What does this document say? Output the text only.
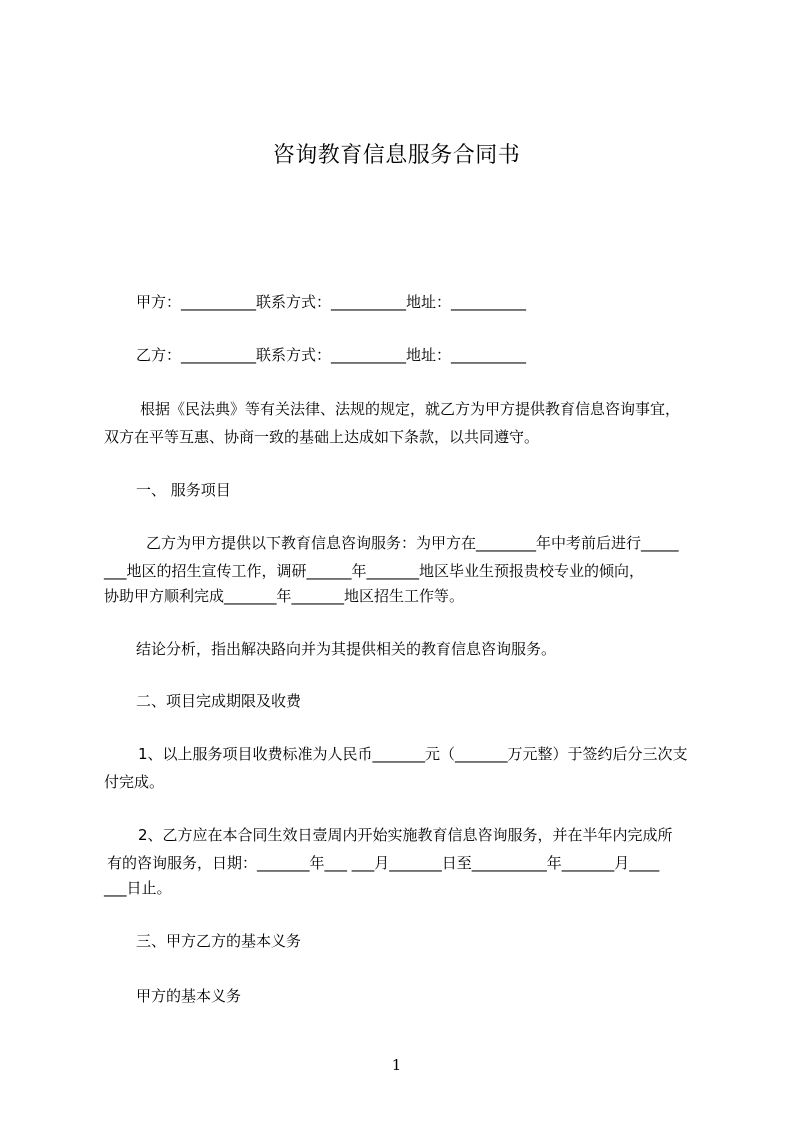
咨询教育信息服务合同书
甲方：__________联系方式：__________地址：__________
乙方：__________联系方式：__________地址：__________
根据《民法典》等有关法律、法规的规定，就乙方为甲方提供教育信息咨询事宜，
双方在平等互惠、协商一致的基础上达成如下条款，以共同遵守。
一、 服务项目
乙方为甲方提供以下教育信息咨询服务：为甲方在________年中考前后进行_____
___地区的招生宣传工作，调研______年_______地区毕业生预报贵校专业的倾向，
协助甲方顺利完成_______年_______地区招生工作等。
结论分析，指出解决路向并为其提供相关的教育信息咨询服务。
二、项目完成期限及收费
1、以上服务项目收费标准为人民币_______元（_______万元整）于签约后分三次支
付完成。
2、乙方应在本合同生效日壹周内开始实施教育信息咨询服务，并在半年内完成所
有的咨询服务，日期：_______年___ ___月_______日至__________年_______月____
___日止。
三、甲方乙方的基本义务
甲方的基本义务
1
